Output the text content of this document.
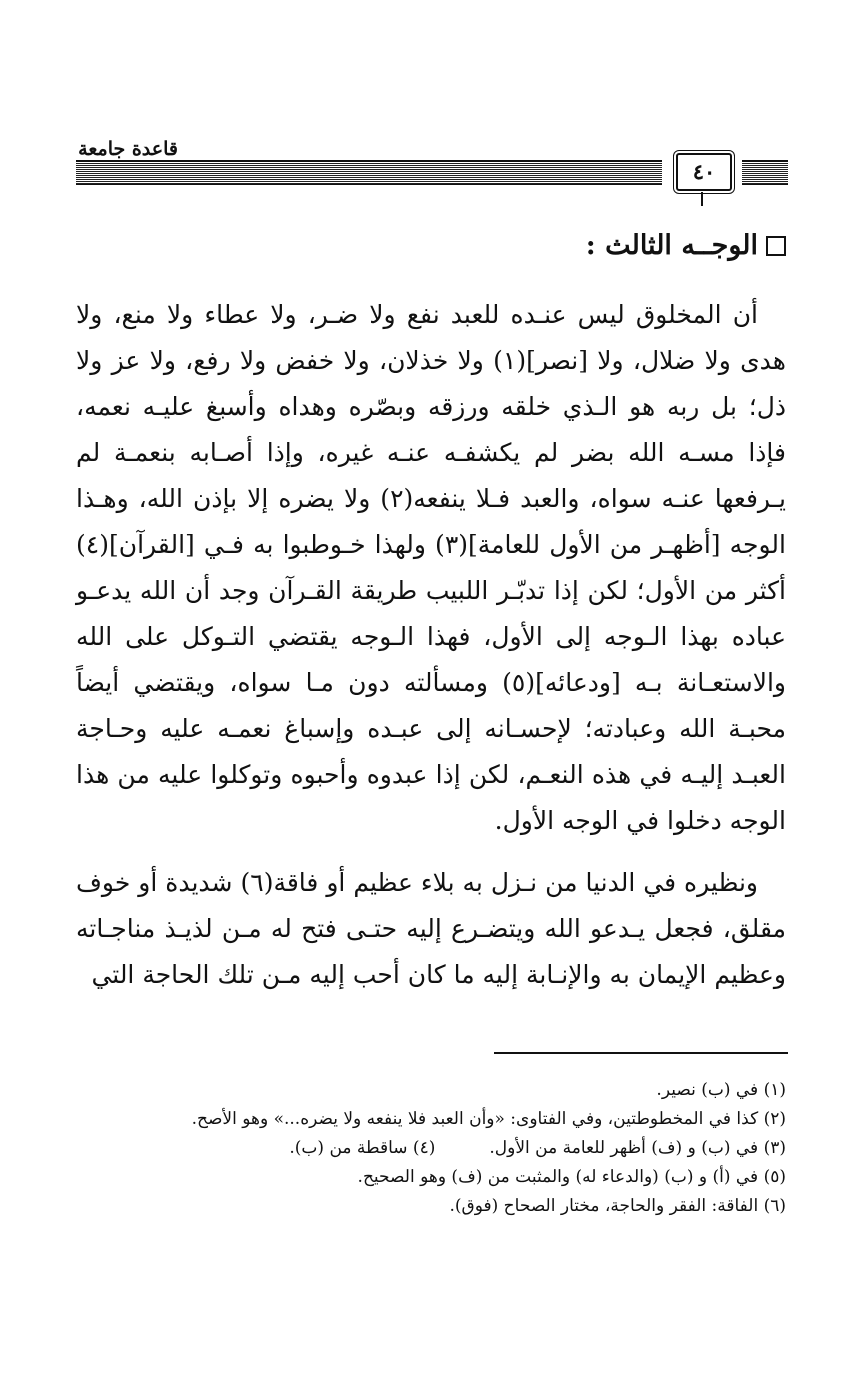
قاعدة جامعة
٤٠
الوجــه الثالث :

أن المخلوق ليس عنـده للعبد نفع ولا ضـر، ولا عطاء ولا منع، ولا هدى ولا ضلال، ولا [نصر](١) ولا خذلان، ولا خفض ولا رفع، ولا عز ولا ذل؛ بل ربه هو الـذي خلقه ورزقه وبصّره وهداه وأسبغ عليـه نعمه، فإذا مسـه الله بضر لم يكشفـه عنـه غيره، وإذا أصـابه بنعمـة لم يـرفعها عنـه سواه، والعبد فـلا ينفعه(٢) ولا يضره إلا بإذن الله، وهـذا الوجه [أظهـر من الأول للعامة](٣) ولهذا خـوطبوا به فـي [القرآن](٤) أكثر من الأول؛ لكن إذا تدبّـر اللبيب طريقة القـرآن وجد أن الله يدعـو عباده بهذا الـوجه إلى الأول، فهذا الـوجه يقتضي التـوكل على الله والاستعـانة بـه [ودعائه](٥) ومسألته دون مـا سواه، ويقتضي أيضاً محبـة الله وعبادته؛ لإحسـانه إلى عبـده وإسباغ نعمـه عليه وحـاجة العبـد إليـه في هذه النعـم، لكن إذا عبدوه وأحبوه وتوكلوا عليه من هذا الوجه دخلوا في الوجه الأول.

ونظيره في الدنيا من نـزل به بلاء عظيم أو فاقة(٦) شديدة أو خوف مقلق، فجعل يـدعو الله ويتضـرع إليه حتـى فتح له مـن لذيـذ مناجـاته وعظيم الإيمان به والإنـابة إليه ما كان أحب إليه مـن تلك الحاجة التي

(١) في (ب) نصير.
(٢) كذا في المخطوطتين، وفي الفتاوى: «وأن العبد فلا ينفعه ولا يضره...» وهو الأصح.
(٣) في (ب) و (ف) أظهر للعامة من الأول.          (٤) ساقطة من (ب).
(٥) في (أ) و (ب) (والدعاء له) والمثبت من (ف) وهو الصحيح.
(٦) الفاقة: الفقر والحاجة، مختار الصحاح (فوق).
